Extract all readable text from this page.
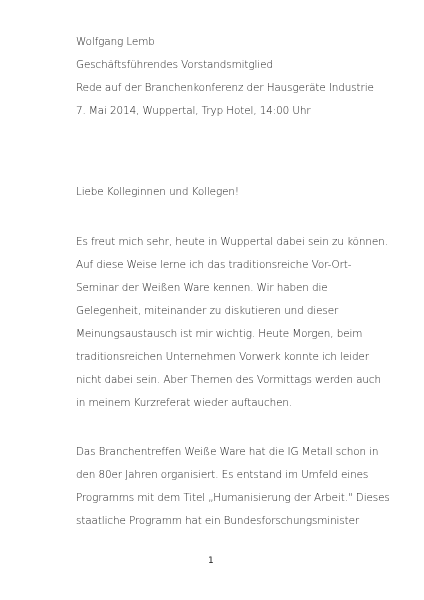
Wolfgang Lemb
Geschäftsführendes Vorstandsmitglied
Rede auf der Branchenkonferenz der Hausgeräte Industrie
7. Mai 2014, Wuppertal, Tryp Hotel, 14:00 Uhr
Liebe Kolleginnen und Kollegen!
Es freut mich sehr, heute in Wuppertal dabei sein zu können.
Auf diese Weise lerne ich das traditionsreiche Vor-Ort-
Seminar der Weißen Ware kennen. Wir haben die
Gelegenheit, miteinander zu diskutieren und dieser
Meinungsaustausch ist mir wichtig. Heute Morgen, beim
traditionsreichen Unternehmen Vorwerk konnte ich leider
nicht dabei sein. Aber Themen des Vormittags werden auch
in meinem Kurzreferat wieder auftauchen.
Das Branchentreffen Weiße Ware hat die IG Metall schon in
den 80er Jahren organisiert. Es entstand im Umfeld eines
Programms mit dem Titel „Humanisierung der Arbeit." Dieses
staatliche Programm hat ein Bundesforschungsminister
1
